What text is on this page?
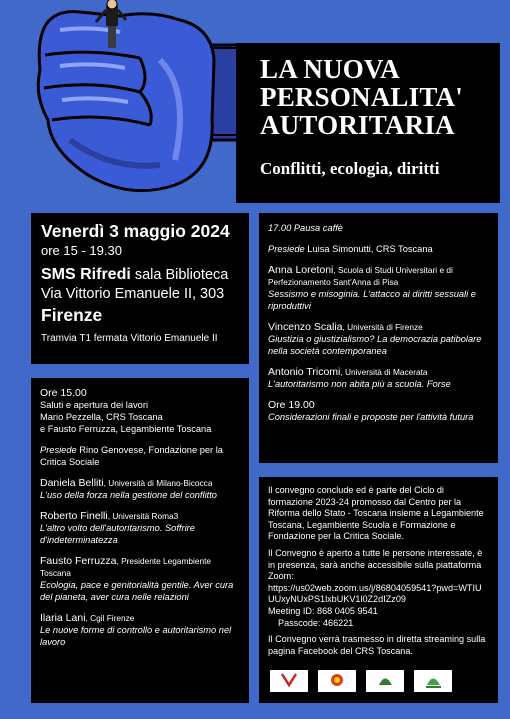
LA NUOVA
PERSONALITA'
AUTORITARIA
Conflitti, ecologia, diritti
Venerdì 3 maggio 2024
ore 15 - 19.30
SMS Rifredi sala Biblioteca
Via Vittorio Emanuele II, 303
Firenze
Tramvia T1 fermata Vittorio Emanuele II
Ore 15.00
Saluti e apertura dei lavori
Mario Pezzella, CRS Toscana
e Fausto Ferruzza, Legambiente Toscana
Presiede Rino Genovese, Fondazione per la Critica Sociale
Daniela Belliti, Università di Milano-Bicocca
L'uso della forza nella gestione del conflitto
Roberto Finelli, Università Roma3
L'altro volto dell'autoritarismo. Soffrire d'indeterminatezza
Fausto Ferruzza, Presidente Legambiente Toscana
Ecologia, pace e genitorialità gentile. Aver cura del pianeta, aver cura nelle relazioni
Ilaria Lani, Cgil Firenze
Le nuove forme di controllo e autoritarismo nel lavoro
17.00 Pausa caffè
Presiede Luisa Simonutti, CRS Toscana
Anna Loretoni, Scuola di Studi Universitari e di Perfezionamento Sant'Anna di Pisa
Sessismo e misoginia. L'attacco ai diritti sessuali e riproduttivi
Vincenzo Scalia, Università di Firenze
Giustizia o giustizialismo? La democrazia patibolare nella società contemporanea
Antonio Tricomi, Università di Macerata
L'autoritarismo non abita più a scuola. Forse
Ore 19.00
Considerazioni finali e proposte per l'attività futura
Il convegno conclude ed è parte del Ciclo di formazione 2023-24 promosso dal Centro per la Riforma dello Stato - Toscana insieme a Legambiente Toscana, Legambiente Scuola e Formazione e Fondazione per la Critica Sociale.
Il Convegno è aperto a tutte le persone interessate, è in presenza, sarà anche accessibile sulla piattaforma Zoom:
https://us02web.zoom.us/j/86804059541?pwd=WTIU
UUxyNUxPS1lxbUKV1l0Z2dIZz09
Meeting ID: 868 0405 9541
Passcode: 466221
Il Convegno verrà trasmesso in diretta streaming sulla pagina Facebook del CRS Toscana.
